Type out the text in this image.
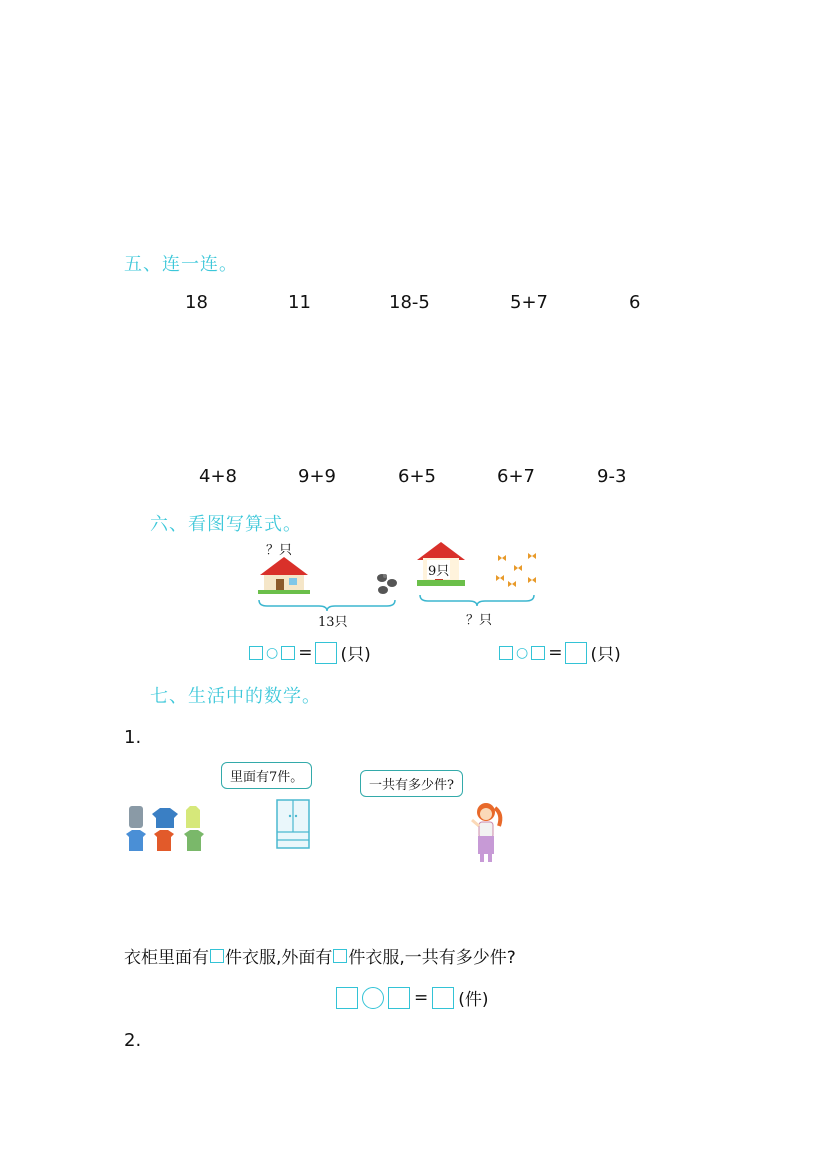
五、连一连。
18	11	18-5	5+7	6
4+8	9+9	6+5	6+7	9-3
六、看图写算式。
？只
13只
○ = (只)
9只
？只
○ = (只)
七、生活中的数学。
1.
里面有7件。
一共有多少件?
衣柜里面有 件衣服,外面有 件衣服,一共有多少件?
= (件)
2.
